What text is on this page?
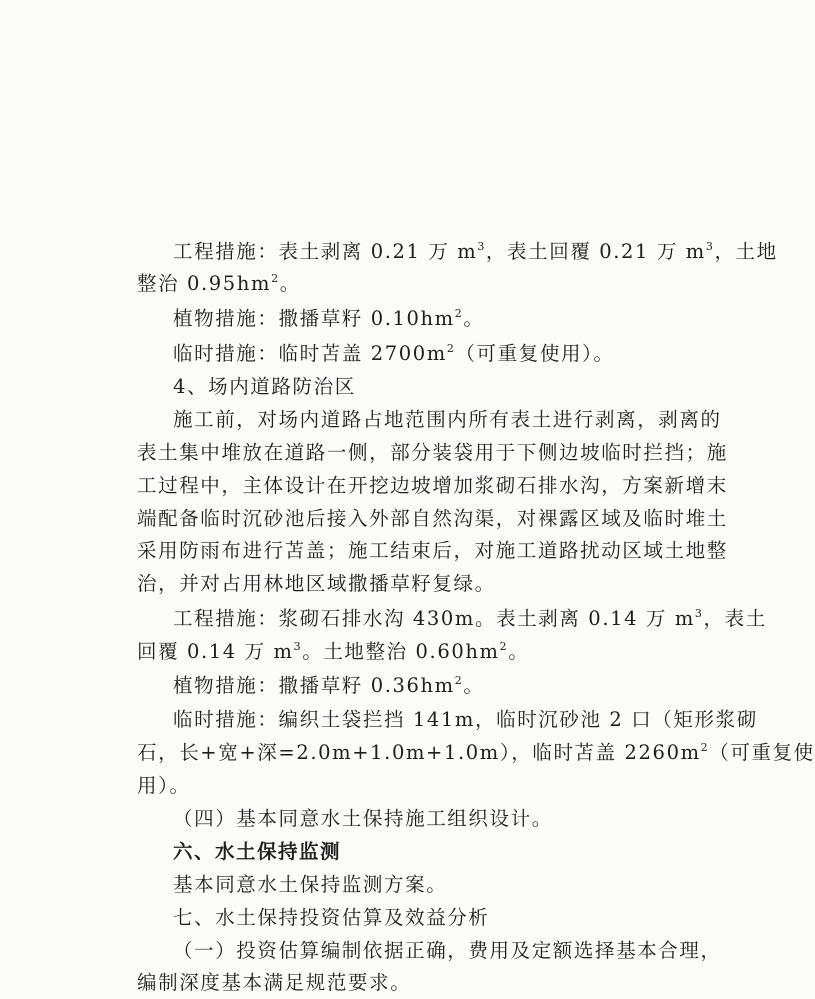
工程措施：表土剥离 0.21 万 $m^3$，表土回覆 0.21 万 $m^3$，土地
整治 $0.95hm^2$。
植物措施：撒播草籽 $0.10hm^2$。
临时措施：临时苫盖 $2700m^2$（可重复使用）。
4、场内道路防治区
施工前，对场内道路占地范围内所有表土进行剥离，剥离的
表土集中堆放在道路一侧，部分装袋用于下侧边坡临时拦挡；施
工过程中，主体设计在开挖边坡增加浆砌石排水沟，方案新增末
端配备临时沉砂池后接入外部自然沟渠，对裸露区域及临时堆土
采用防雨布进行苫盖；施工结束后，对施工道路扰动区域土地整
治，并对占用林地区域撒播草籽复绿。
工程措施：浆砌石排水沟 430m。表土剥离 0.14 万 $m^3$，表土
回覆 0.14 万 $m^3$。土地整治 $0.60hm^2$。
植物措施：撒播草籽 $0.36hm^2$。
临时措施：编织土袋拦挡 141m，临时沉砂池 2 口（矩形浆砌
石，长+宽+深=2.0m+1.0m+1.0m），临时苫盖 $2260m^2$（可重复使
用）。
（四）基本同意水土保持施工组织设计。
六、水土保持监测
基本同意水土保持监测方案。
七、水土保持投资估算及效益分析
（一）投资估算编制依据正确，费用及定额选择基本合理，
编制深度基本满足规范要求。
